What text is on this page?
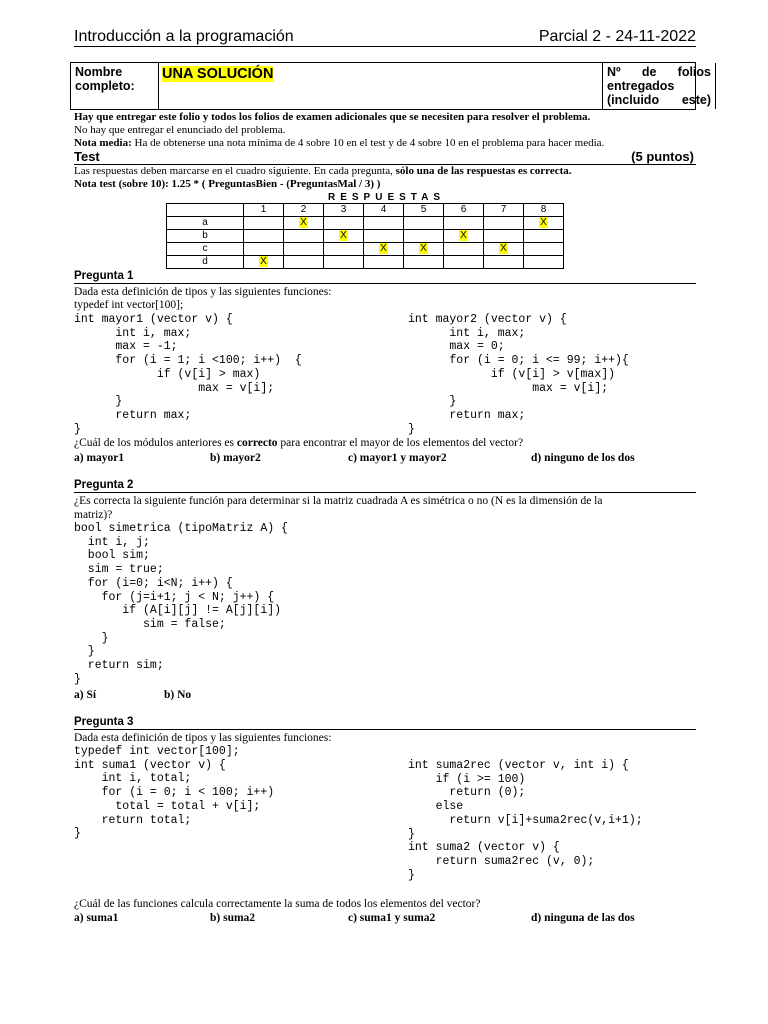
Introducción a la programación	Parcial 2 - 24-11-2022
Nombre completo:
UNA SOLUCIÓN	Nº de folios entregados (incluido este)
Hay que entregar este folio y todos los folios de examen adicionales que se necesiten para resolver el problema.
No hay que entregar el enunciado del problema.
Nota media: Ha de obtenerse una nota mínima de 4 sobre 10 en el test y de 4 sobre 10 en el problema para hacer media.
Test	(5 puntos)
Las respuestas deben marcarse en el cuadro siguiente. En cada pregunta, sólo una de las respuestas es correcta.
Nota test (sobre 10): 1.25 * ( PreguntasBien - (PreguntasMal / 3) )
RESPUESTAS
	1	2	3	4	5	6	7	8
a		X						X
b			X			X		
c				X	X		X	
d	X							
Pregunta 1
Dada esta definición de tipos y las siguientes funciones:
typedef int vector[100];
int mayor1 (vector v) {
int i, max;
max = -1;
for (i = 1; i <100; i++)  {
if (v[i] > max)
max = v[i];
}
return max;
}
int mayor2 (vector v) {
int i, max;
max = 0;
for (i = 0; i <= 99; i++){
if (v[i] > v[max])
max = v[i];
}
return max;
}
¿Cuál de los módulos anteriores es correcto para encontrar el mayor de los elementos del vector?
a) mayor1	b) mayor2	c) mayor1 y mayor2	d) ninguno de los dos
Pregunta 2
¿Es correcta la siguiente función para determinar si la matriz cuadrada A es simétrica o no (N es la dimensión de la
matriz)?
bool simetrica (tipoMatriz A) {
int i, j;
bool sim;
sim = true;
for (i=0; i<N; i++) {
for (j=i+1; j < N; j++) {
if (A[i][j] != A[j][i])
sim = false;
}
}
return sim;
}
a) Sí	b) No
Pregunta 3
Dada esta definición de tipos y las siguientes funciones:
typedef int vector[100];
int suma1 (vector v) {
int i, total;
for (i = 0; i < 100; i++)
total = total + v[i];
return total;
}
int suma2rec (vector v, int i) {
if (i >= 100)
return (0);
else
return v[i]+suma2rec(v,i+1);
}
int suma2 (vector v) {
return suma2rec (v, 0);
}
¿Cuál de las funciones calcula correctamente la suma de todos los elementos del vector?
a) suma1	b) suma2	c) suma1 y suma2	d) ninguna de las dos
